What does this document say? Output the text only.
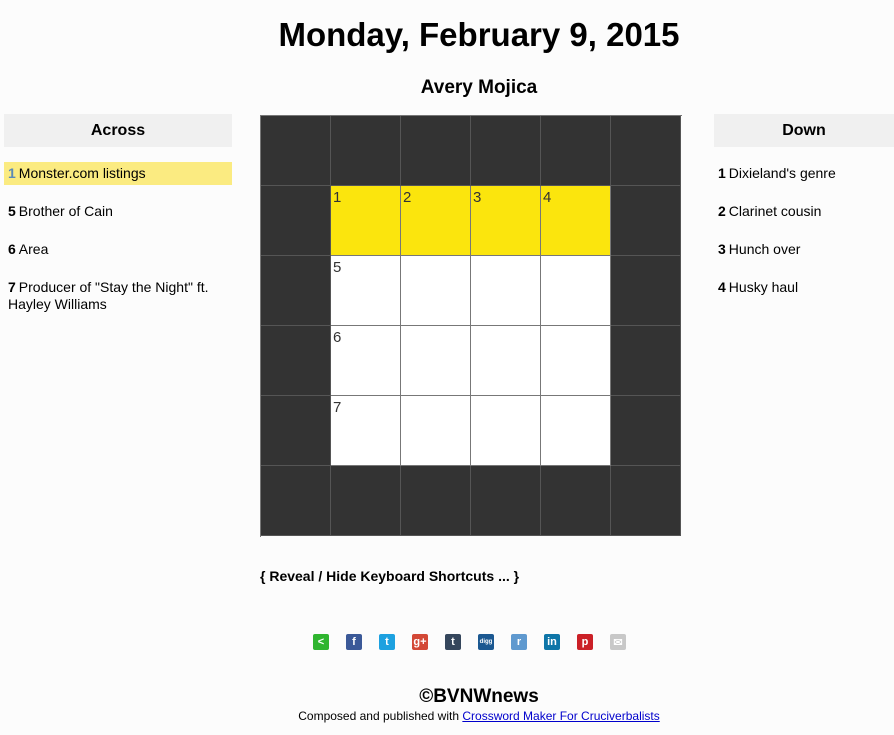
Monday, February 9, 2015
Avery Mojica
Across
1 Monster.com listings
5 Brother of Cain
6 Area
7 Producer of "Stay the Night" ft. Hayley Williams
1	2	3	4
5
6
7
Down
1 Dixieland's genre
2 Clarinet cousin
3 Hunch over
4 Husky haul
{ Reveal / Hide Keyboard Shortcuts ... }
<	f	t	g+	t	digg	r	in	p	✉
©BVNWnews
Composed and published with Crossword Maker For Cruciverbalists
